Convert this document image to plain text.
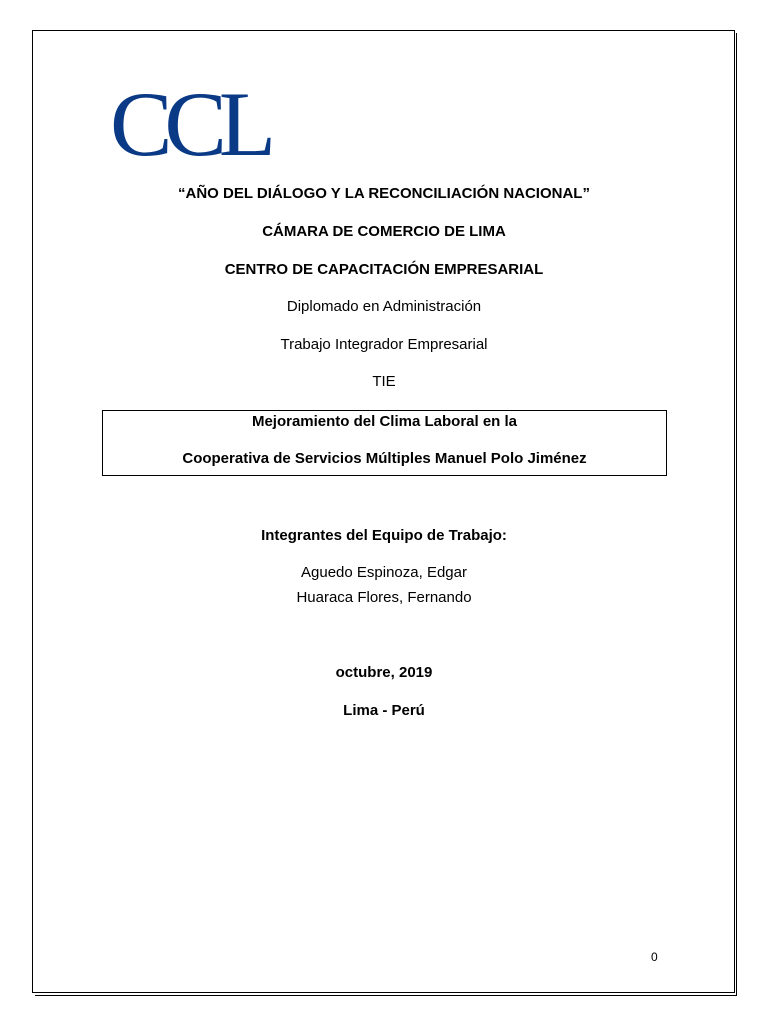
CCL
“AÑO DEL DIÁLOGO Y LA RECONCILIACIÓN NACIONAL”
CÁMARA DE COMERCIO DE LIMA
CENTRO DE CAPACITACIÓN EMPRESARIAL
Diplomado en Administración
Trabajo Integrador Empresarial
TIE
Mejoramiento del Clima Laboral en la
Cooperativa de Servicios Múltiples Manuel Polo Jiménez
Integrantes del Equipo de Trabajo:
Aguedo Espinoza, Edgar
Huaraca Flores, Fernando
octubre, 2019
Lima - Perú
0
